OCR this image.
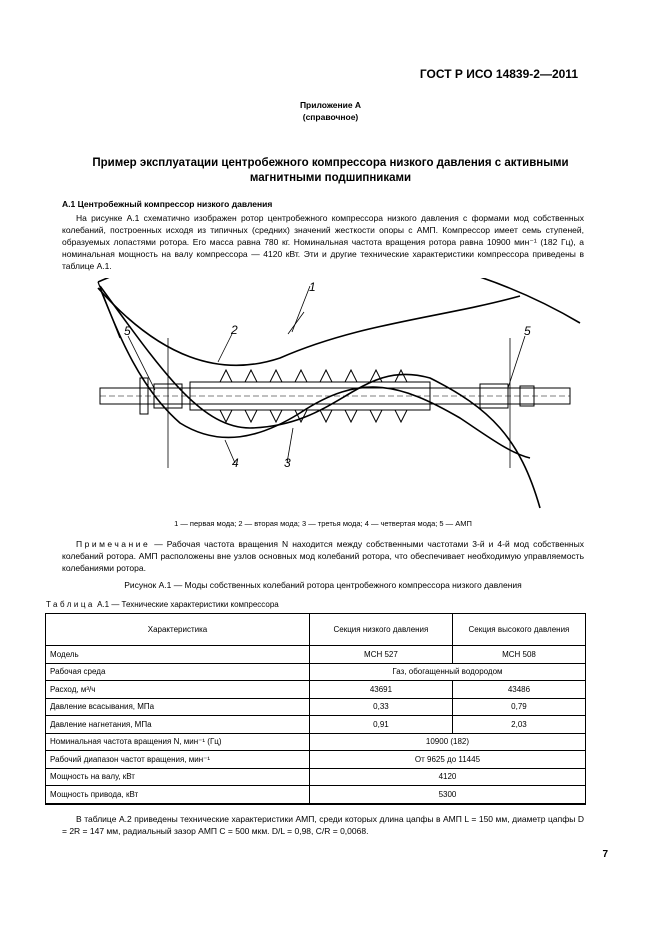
ГОСТ Р ИСО 14839-2—2011
Приложение А
(справочное)
Пример эксплуатации центробежного компрессора низкого давления с активными магнитными подшипниками
А.1 Центробежный компрессор низкого давления

На рисунке А.1 схематично изображен ротор центробежного компрессора низкого давления с формами мод собственных колебаний, построенных исходя из типичных (средних) значений жесткости опоры с АМП. Компрессор имеет семь ступеней, образуемых лопастями ротора. Его масса равна 780 кг. Номинальная частота вращения ротора равна 10900 мин⁻¹ (182 Гц), а номинальная мощность на валу компрессора — 4120 кВт. Эти и другие технические характеристики компрессора приведены в таблице А.1.

1
2
3
4
5	5
1 — первая мода; 2 — вторая мода; 3 — третья мода; 4 — четвертая мода; 5 — АМП

Примечание — Рабочая частота вращения N находится между собственными частотами 3-й и 4-й мод собственных колебаний ротора. АМП расположены вне узлов основных мод колебаний ротора, что обеспечивает необходимую управляемость колебаниями ротора.

Рисунок А.1 — Моды собственных колебаний ротора центробежного компрессора низкого давления
Таблица А.1 — Технические характеристики компрессора
Характеристика	Секция низкого давления	Секция высокого давления
Модель	МСН 527	МСН 508
Рабочая среда	Газ, обогащенный водородом	
Расход, м³/ч	43691	43486
Давление всасывания, МПа	0,33	0,79
Давление нагнетания, МПа	0,91	2,03
Номинальная частота вращения N, мин⁻¹ (Гц)	10900 (182)	
Рабочий диапазон частот вращения, мин⁻¹	От 9625 до 11445	
Мощность на валу, кВт	4120	
Мощность привода, кВт	5300	

В таблице А.2 приведены технические характеристики АМП, среди которых длина цапфы в АМП L = 150 мм, диаметр цапфы D = 2R = 147 мм, радиальный зазор АМП C = 500 мкм. D/L = 0,98, C/R = 0,0068.

7
